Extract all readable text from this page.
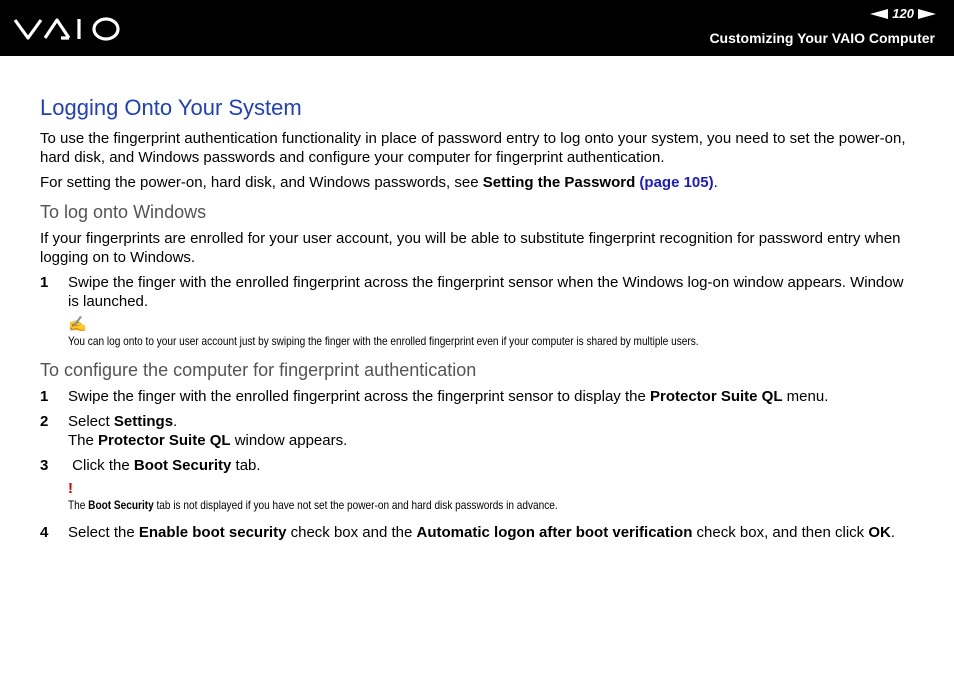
120
Customizing Your VAIO Computer
Logging Onto Your System

To use the fingerprint authentication functionality in place of password entry to log onto your system, you need to set the power-on, hard disk, and Windows passwords and configure your computer for fingerprint authentication.

For setting the power-on, hard disk, and Windows passwords, see Setting the Password (page 105).

To log onto Windows

If your fingerprints are enrolled for your user account, you will be able to substitute fingerprint recognition for password entry when logging on to Windows.

1	Swipe the finger with the enrolled fingerprint across the fingerprint sensor when the Windows log-on window appears. Window is launched.
✍
You can log onto to your user account just by swiping the finger with the enrolled fingerprint even if your computer is shared by multiple users.
To configure the computer for fingerprint authentication
1	Swipe the finger with the enrolled fingerprint across the fingerprint sensor to display the Protector Suite QL menu.
2	Select Settings.
The Protector Suite QL window appears.
3	Click the Boot Security tab.
!
The Boot Security tab is not displayed if you have not set the power-on and hard disk passwords in advance.
4	Select the Enable boot security check box and the Automatic logon after boot verification check box, and then click OK.
